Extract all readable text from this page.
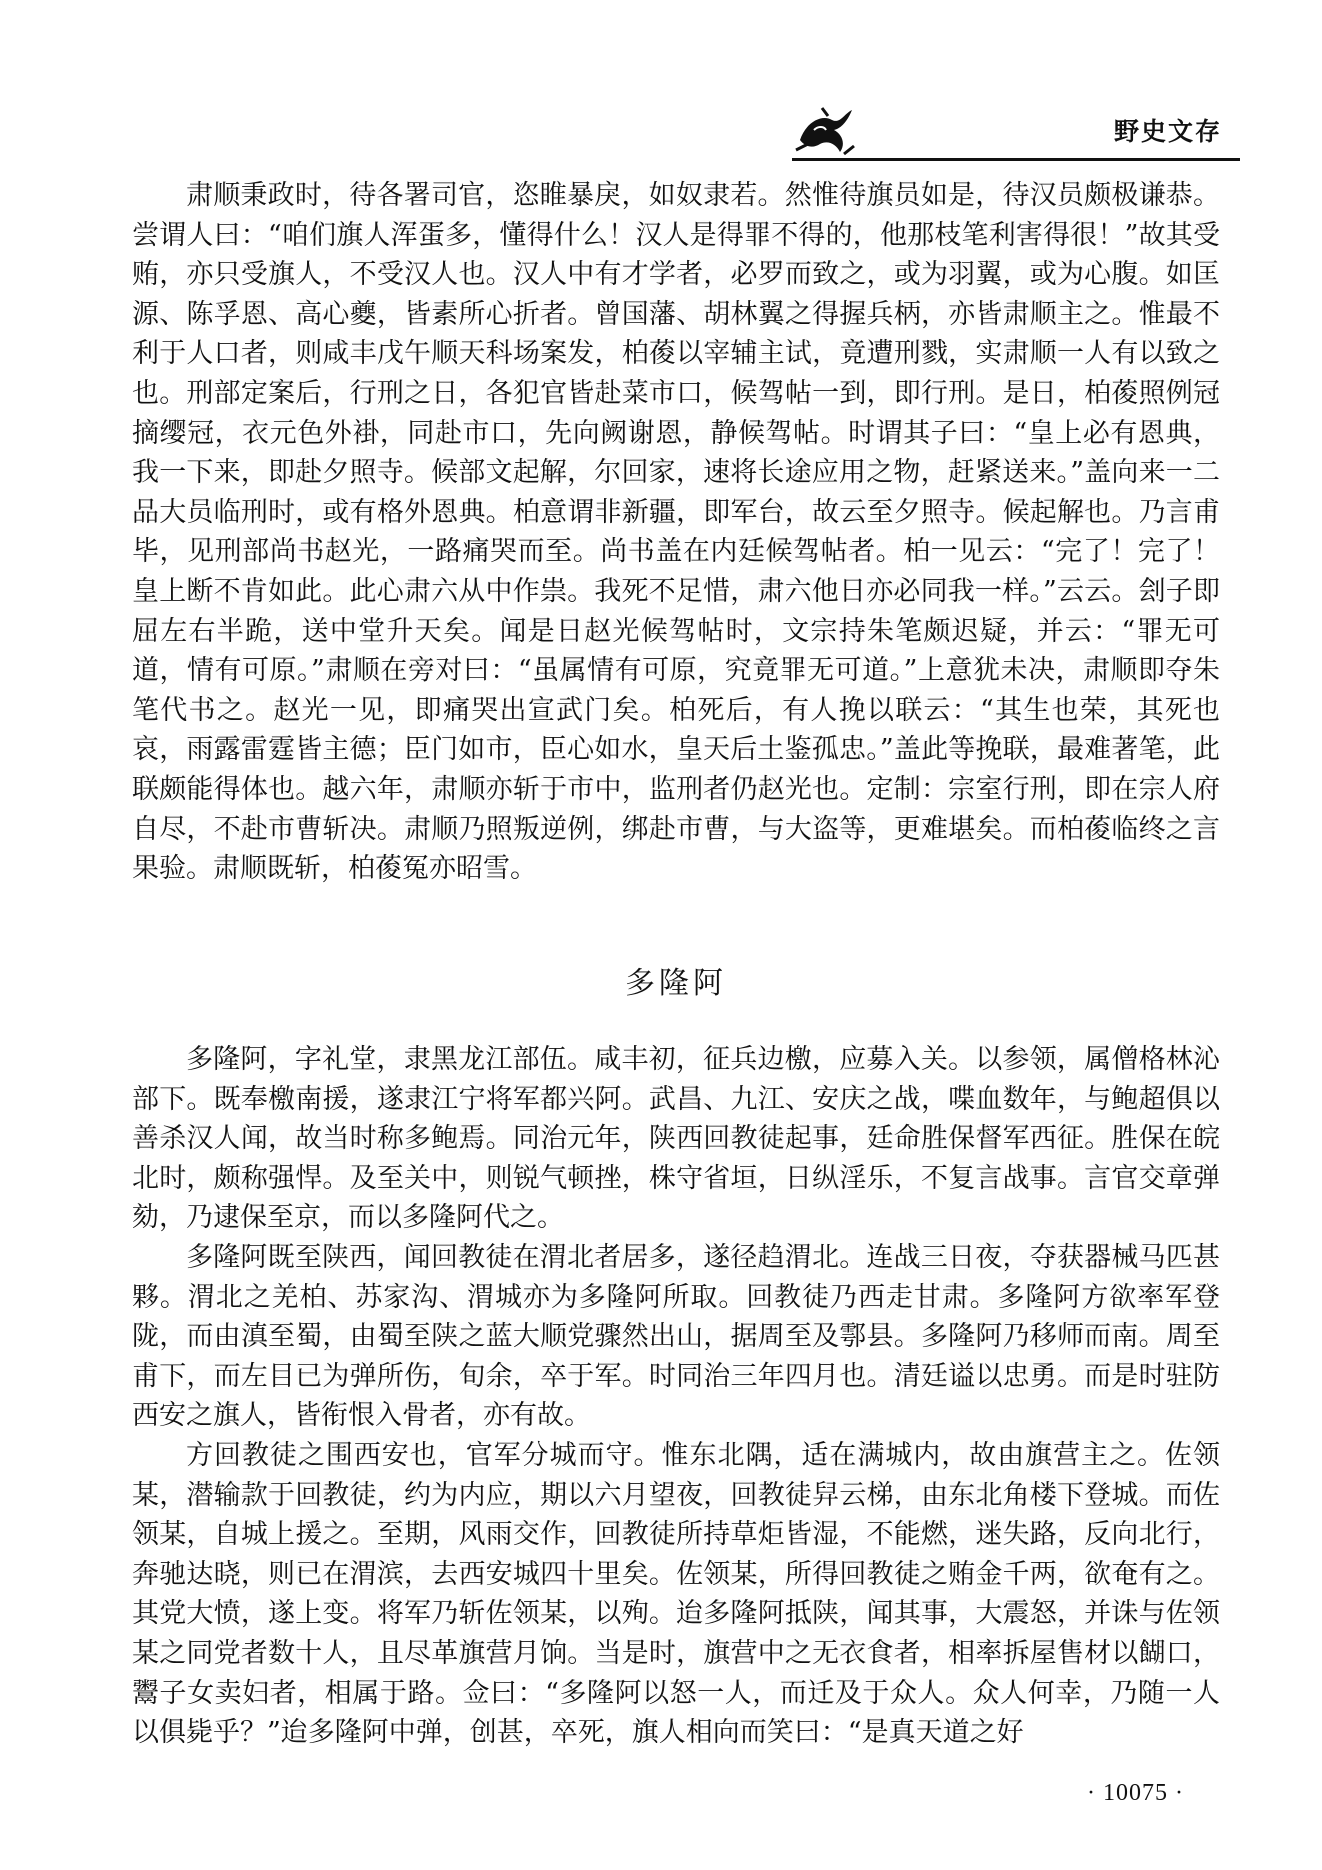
野史文存

肃顺秉政时，待各署司官，恣睢暴戾，如奴隶若。然惟待旗员如是，待汉员颇极谦恭。尝谓人曰：“咱们旗人浑蛋多，懂得什么！汉人是得罪不得的，他那枝笔利害得很！”故其受贿，亦只受旗人，不受汉人也。汉人中有才学者，必罗而致之，或为羽翼，或为心腹。如匡源、陈孚恩、高心夔，皆素所心折者。曾国藩、胡林翼之得握兵柄，亦皆肃顺主之。惟最不利于人口者，则咸丰戊午顺天科场案发，柏葰以宰辅主试，竟遭刑戮，实肃顺一人有以致之也。刑部定案后，行刑之日，各犯官皆赴菜市口，候驾帖一到，即行刑。是日，柏葰照例冠摘缨冠，衣元色外褂，同赴市口，先向阙谢恩，静候驾帖。时谓其子曰：“皇上必有恩典，我一下来，即赴夕照寺。候部文起解，尔回家，速将长途应用之物，赶紧送来。”盖向来一二品大员临刑时，或有格外恩典。柏意谓非新疆，即军台，故云至夕照寺。候起解也。乃言甫毕，见刑部尚书赵光，一路痛哭而至。尚书盖在内廷候驾帖者。柏一见云：“完了！完了！皇上断不肯如此。此心肃六从中作祟。我死不足惜，肃六他日亦必同我一样。”云云。刽子即屈左右半跪，送中堂升天矣。闻是日赵光候驾帖时，文宗持朱笔颇迟疑，并云：“罪无可道，情有可原。”肃顺在旁对曰：“虽属情有可原，究竟罪无可道。”上意犹未决，肃顺即夺朱笔代书之。赵光一见，即痛哭出宣武门矣。柏死后，有人挽以联云：“其生也荣，其死也哀，雨露雷霆皆主德；臣门如市，臣心如水，皇天后土鉴孤忠。”盖此等挽联，最难著笔，此联颇能得体也。越六年，肃顺亦斩于市中，监刑者仍赵光也。定制：宗室行刑，即在宗人府自尽，不赴市曹斩决。肃顺乃照叛逆例，绑赴市曹，与大盗等，更难堪矣。而柏葰临终之言果验。肃顺既斩，柏葰冤亦昭雪。

多隆阿

多隆阿，字礼堂，隶黑龙江部伍。咸丰初，征兵边檄，应募入关。以参领，属僧格林沁部下。既奉檄南援，遂隶江宁将军都兴阿。武昌、九江、安庆之战，喋血数年，与鲍超俱以善杀汉人闻，故当时称多鲍焉。同治元年，陕西回教徒起事，廷命胜保督军西征。胜保在皖北时，颇称强悍。及至关中，则锐气顿挫，株守省垣，日纵淫乐，不复言战事。言官交章弹劾，乃逮保至京，而以多隆阿代之。

多隆阿既至陕西，闻回教徒在渭北者居多，遂径趋渭北。连战三日夜，夺获器械马匹甚夥。渭北之羌柏、苏家沟、渭城亦为多隆阿所取。回教徒乃西走甘肃。多隆阿方欲率军登陇，而由滇至蜀，由蜀至陕之蓝大顺党骤然出山，据周至及鄠县。多隆阿乃移师而南。周至甫下，而左目已为弹所伤，旬余，卒于军。时同治三年四月也。清廷谥以忠勇。而是时驻防西安之旗人，皆衔恨入骨者，亦有故。

方回教徒之围西安也，官军分城而守。惟东北隅，适在满城内，故由旗营主之。佐领某，潜输款于回教徒，约为内应，期以六月望夜，回教徒舁云梯，由东北角楼下登城。而佐领某，自城上援之。至期，风雨交作，回教徒所持草炬皆湿，不能燃，迷失路，反向北行，奔驰达晓，则已在渭滨，去西安城四十里矣。佐领某，所得回教徒之贿金千两，欲奄有之。其党大愤，遂上变。将军乃斩佐领某，以殉。迨多隆阿抵陕，闻其事，大震怒，并诛与佐领某之同党者数十人，且尽革旗营月饷。当是时，旗营中之无衣食者，相率拆屋售材以餬口，鬻子女卖妇者，相属于路。佥曰：“多隆阿以怒一人，而迁及于众人。众人何幸，乃随一人以俱毙乎？”迨多隆阿中弹，创甚，卒死，旗人相向而笑曰：“是真天道之好

· 10075 ·
